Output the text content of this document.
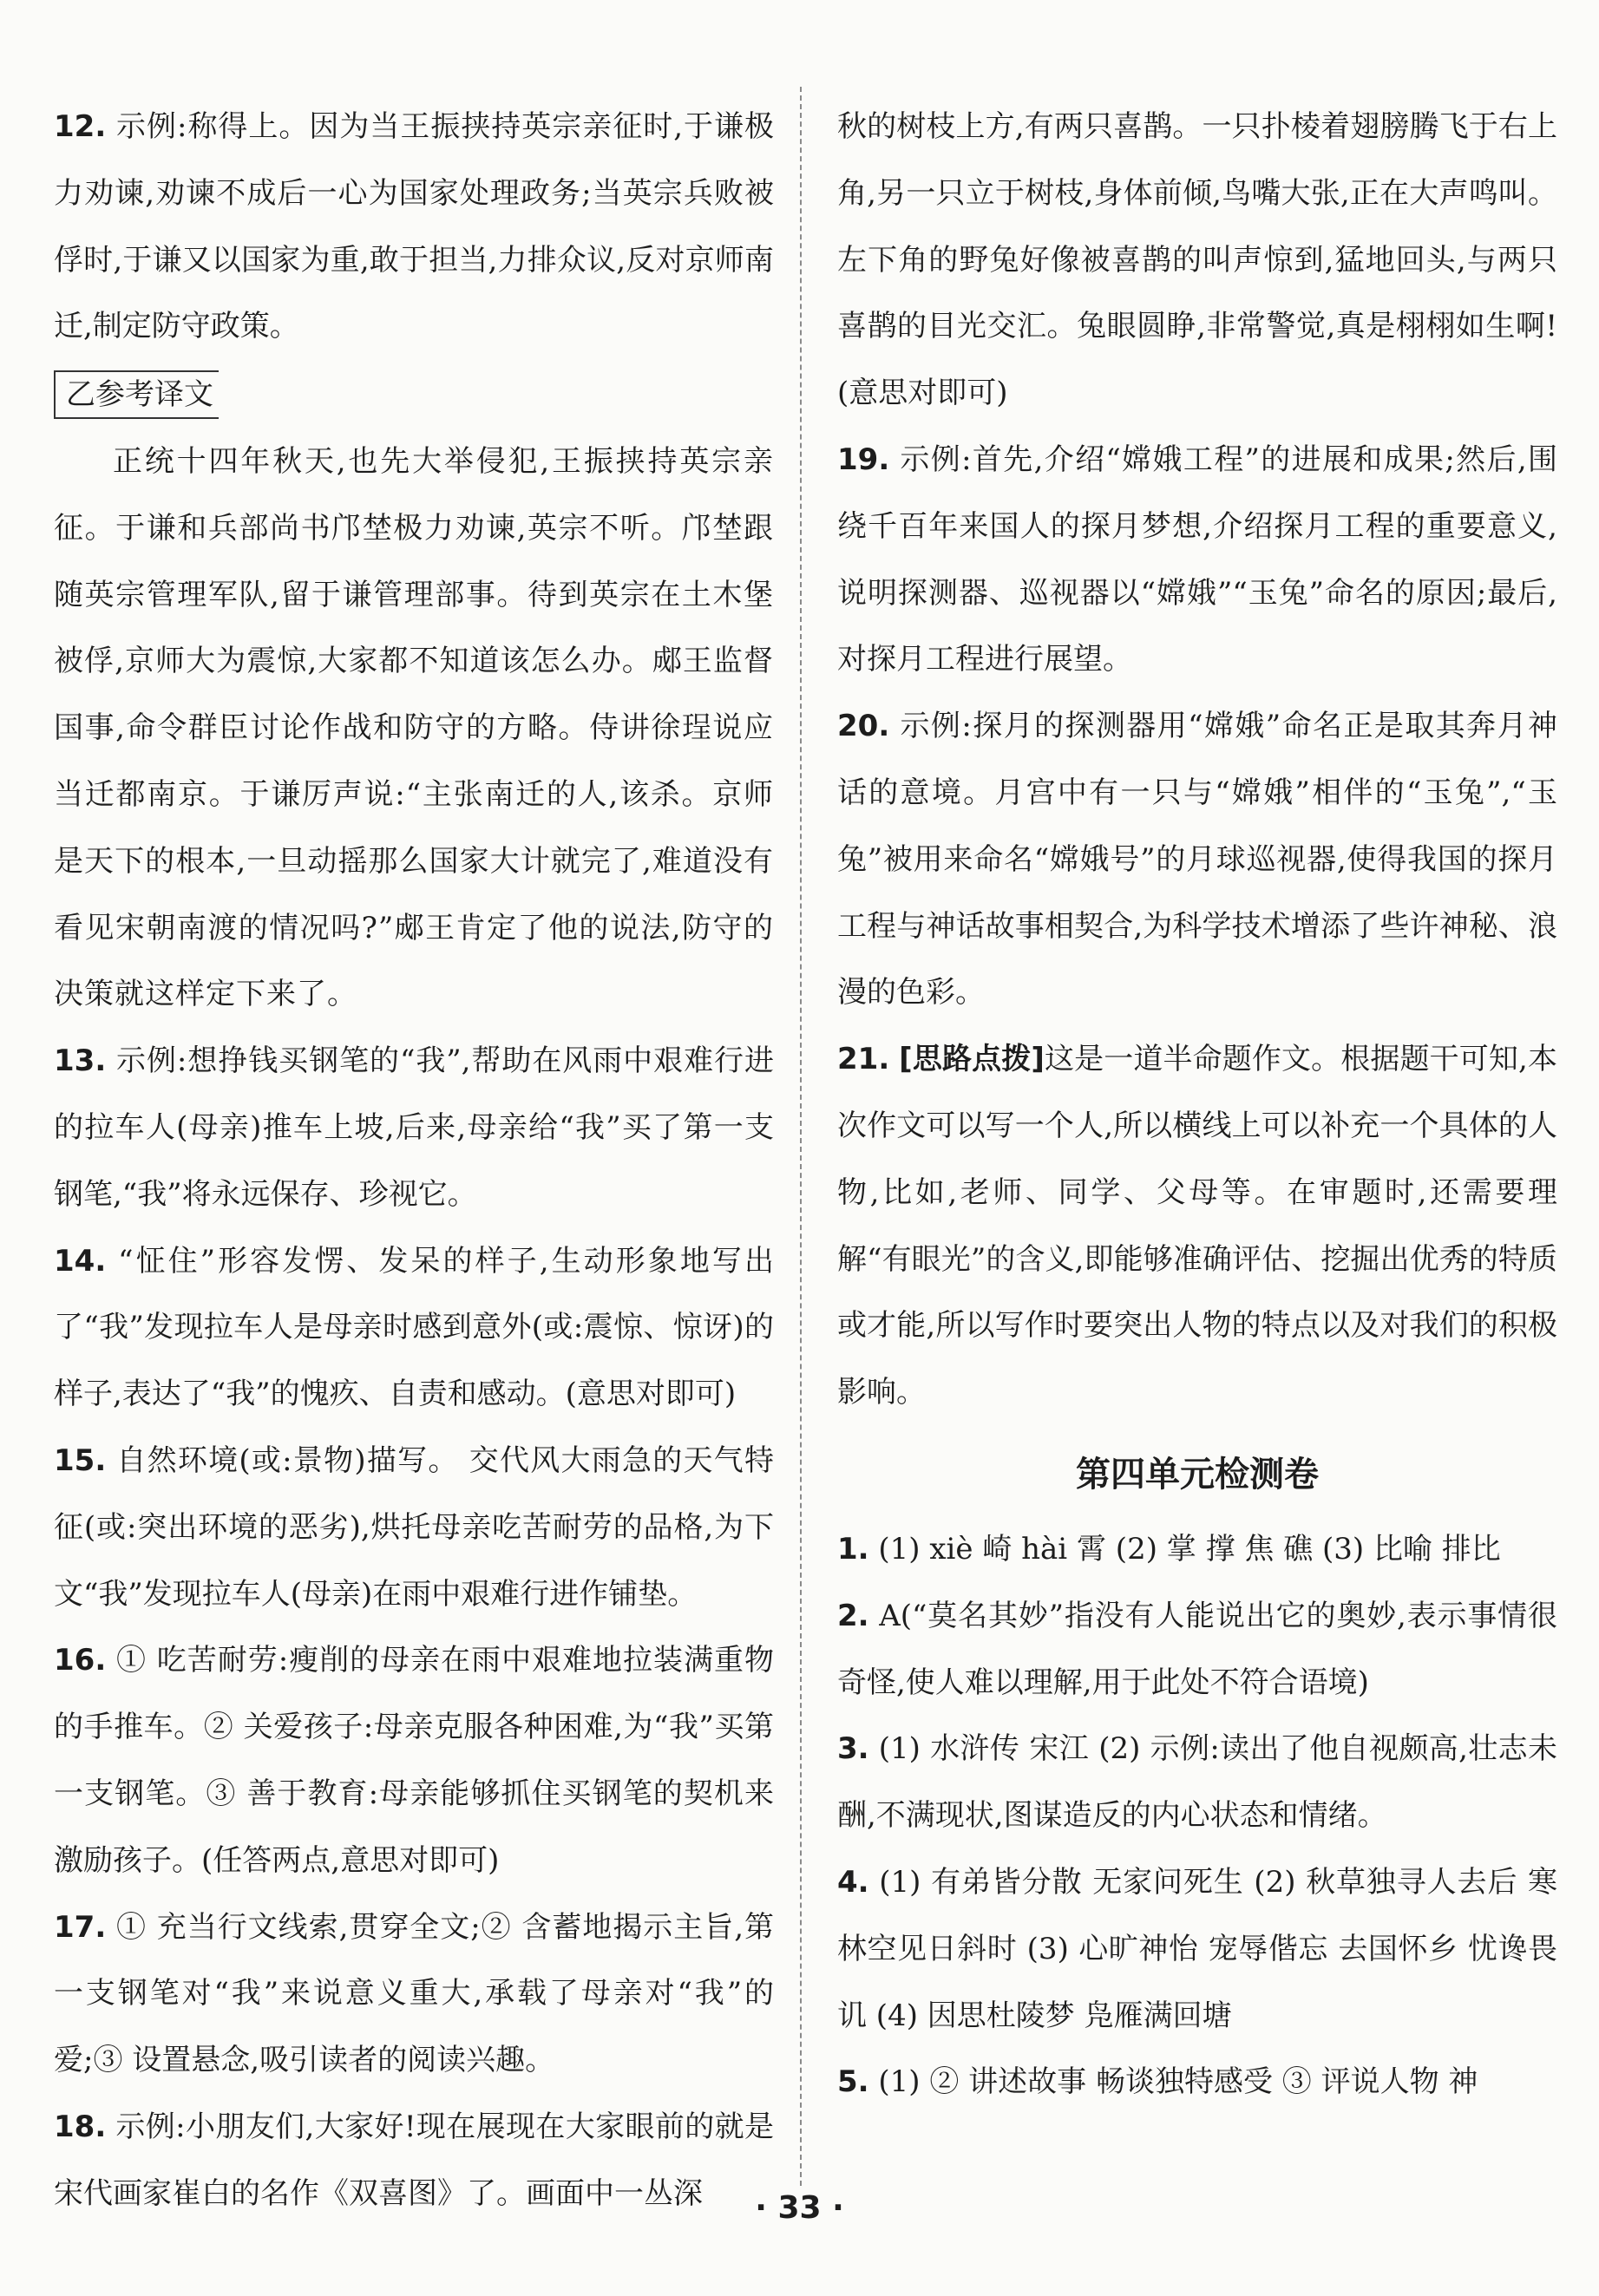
12. 示例:称得上。因为当王振挟持英宗亲征时,于谦极力劝谏,劝谏不成后一心为国家处理政务;当英宗兵败被俘时,于谦又以国家为重,敢于担当,力排众议,反对京师南迁,制定防守政策。

乙参考译文

正统十四年秋天,也先大举侵犯,王振挟持英宗亲征。于谦和兵部尚书邝埜极力劝谏,英宗不听。邝埜跟随英宗管理军队,留于谦管理部事。待到英宗在土木堡被俘,京师大为震惊,大家都不知道该怎么办。郕王监督国事,命令群臣讨论作战和防守的方略。侍讲徐珵说应当迁都南京。于谦厉声说:“主张南迁的人,该杀。京师是天下的根本,一旦动摇那么国家大计就完了,难道没有看见宋朝南渡的情况吗?”郕王肯定了他的说法,防守的决策就这样定下来了。

13. 示例:想挣钱买钢笔的“我”,帮助在风雨中艰难行进的拉车人(母亲)推车上坡,后来,母亲给“我”买了第一支钢笔,“我”将永远保存、珍视它。

14. “怔住”形容发愣、发呆的样子,生动形象地写出了“我”发现拉车人是母亲时感到意外(或:震惊、惊讶)的样子,表达了“我”的愧疚、自责和感动。(意思对即可)

15. 自然环境(或:景物)描写。 交代风大雨急的天气特征(或:突出环境的恶劣),烘托母亲吃苦耐劳的品格,为下文“我”发现拉车人(母亲)在雨中艰难行进作铺垫。

16. ① 吃苦耐劳:瘦削的母亲在雨中艰难地拉装满重物的手推车。② 关爱孩子:母亲克服各种困难,为“我”买第一支钢笔。③ 善于教育:母亲能够抓住买钢笔的契机来激励孩子。(任答两点,意思对即可)

17. ① 充当行文线索,贯穿全文;② 含蓄地揭示主旨,第一支钢笔对“我”来说意义重大,承载了母亲对“我”的爱;③ 设置悬念,吸引读者的阅读兴趣。

18. 示例:小朋友们,大家好!现在展现在大家眼前的就是宋代画家崔白的名作《双喜图》了。画面中一丛深

秋的树枝上方,有两只喜鹊。一只扑棱着翅膀腾飞于右上角,另一只立于树枝,身体前倾,鸟嘴大张,正在大声鸣叫。左下角的野兔好像被喜鹊的叫声惊到,猛地回头,与两只喜鹊的目光交汇。兔眼圆睁,非常警觉,真是栩栩如生啊!(意思对即可)

19. 示例:首先,介绍“嫦娥工程”的进展和成果;然后,围绕千百年来国人的探月梦想,介绍探月工程的重要意义,说明探测器、巡视器以“嫦娥”“玉兔”命名的原因;最后,对探月工程进行展望。

20. 示例:探月的探测器用“嫦娥”命名正是取其奔月神话的意境。月宫中有一只与“嫦娥”相伴的“玉兔”,“玉兔”被用来命名“嫦娥号”的月球巡视器,使得我国的探月工程与神话故事相契合,为科学技术增添了些许神秘、浪漫的色彩。

21. [思路点拨]这是一道半命题作文。根据题干可知,本次作文可以写一个人,所以横线上可以补充一个具体的人物,比如,老师、同学、父母等。在审题时,还需要理解“有眼光”的含义,即能够准确评估、挖掘出优秀的特质或才能,所以写作时要突出人物的特点以及对我们的积极影响。

第四单元检测卷

1. (1) xiè 崎 hài 霄 (2) 掌 撑 焦 礁 (3) 比喻 排比

2. A(“莫名其妙”指没有人能说出它的奥妙,表示事情很奇怪,使人难以理解,用于此处不符合语境)

3. (1) 水浒传 宋江 (2) 示例:读出了他自视颇高,壮志未酬,不满现状,图谋造反的内心状态和情绪。

4. (1) 有弟皆分散 无家问死生 (2) 秋草独寻人去后 寒林空见日斜时 (3) 心旷神怡 宠辱偕忘 去国怀乡 忧谗畏讥 (4) 因思杜陵梦 凫雁满回塘

5. (1) ② 讲述故事 畅谈独特感受 ③ 评说人物 神

· 33 ·
